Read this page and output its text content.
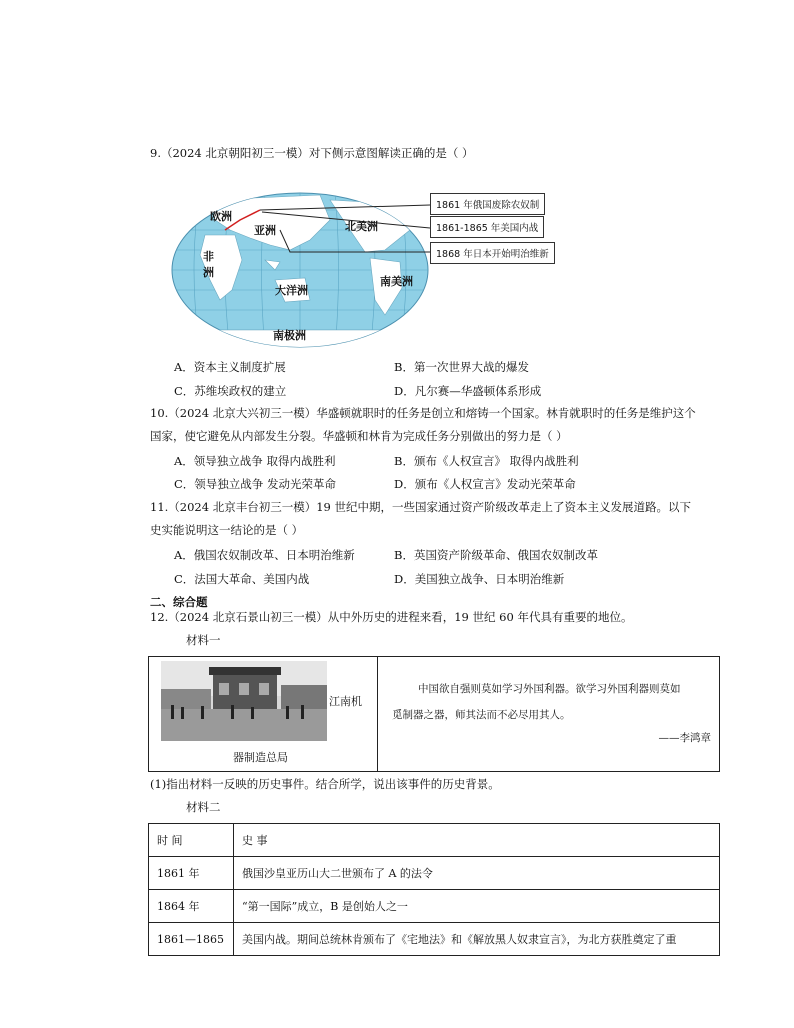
9.（2024 北京朝阳初三一模）对下侧示意图解读正确的是（ ）
欧洲
亚洲
非
洲
北美洲
南美洲
大洋洲
南极洲
1861 年俄国废除农奴制
1861-1865 年美国内战
1868 年日本开始明治维新
A．资本主义制度扩展	B．第一次世界大战的爆发
C．苏维埃政权的建立	D．凡尔赛—华盛顿体系形成
10.（2024 北京大兴初三一模）华盛顿就职时的任务是创立和熔铸一个国家。林肯就职时的任务是维护这个
国家，使它避免从内部发生分裂。华盛顿和林肯为完成任务分别做出的努力是（ ）
A．领导独立战争 取得内战胜利	B．颁布《人权宣言》 取得内战胜利
C．领导独立战争 发动光荣革命	D．颁布《人权宣言》发动光荣革命
11.（2024 北京丰台初三一模）19 世纪中期，一些国家通过资产阶级改革走上了资本主义发展道路。以下
史实能说明这一结论的是（ ）
A．俄国农奴制改革、日本明治维新	B．英国资产阶级革命、俄国农奴制改革
C．法国大革命、美国内战	D．美国独立战争、日本明治维新
二、综合题
12.（2024 北京石景山初三一模）从中外历史的进程来看，19 世纪 60 年代具有重要的地位。
材料一
江南机
器制造总局

中国欲自强则莫如学习外国利器。欲学习外国利器则莫如
觅制器之器，师其法而不必尽用其人。
——李鸿章
(1)指出材料一反映的历史事件。结合所学，说出该事件的历史背景。
材料二
时 间	史 事
1861 年	俄国沙皇亚历山大二世颁布了 A 的法令
1864 年	“第一国际”成立，B 是创始人之一
1861—1865	美国内战。期间总统林肯颁布了《宅地法》和《解放黑人奴隶宣言》，为北方获胜奠定了重
